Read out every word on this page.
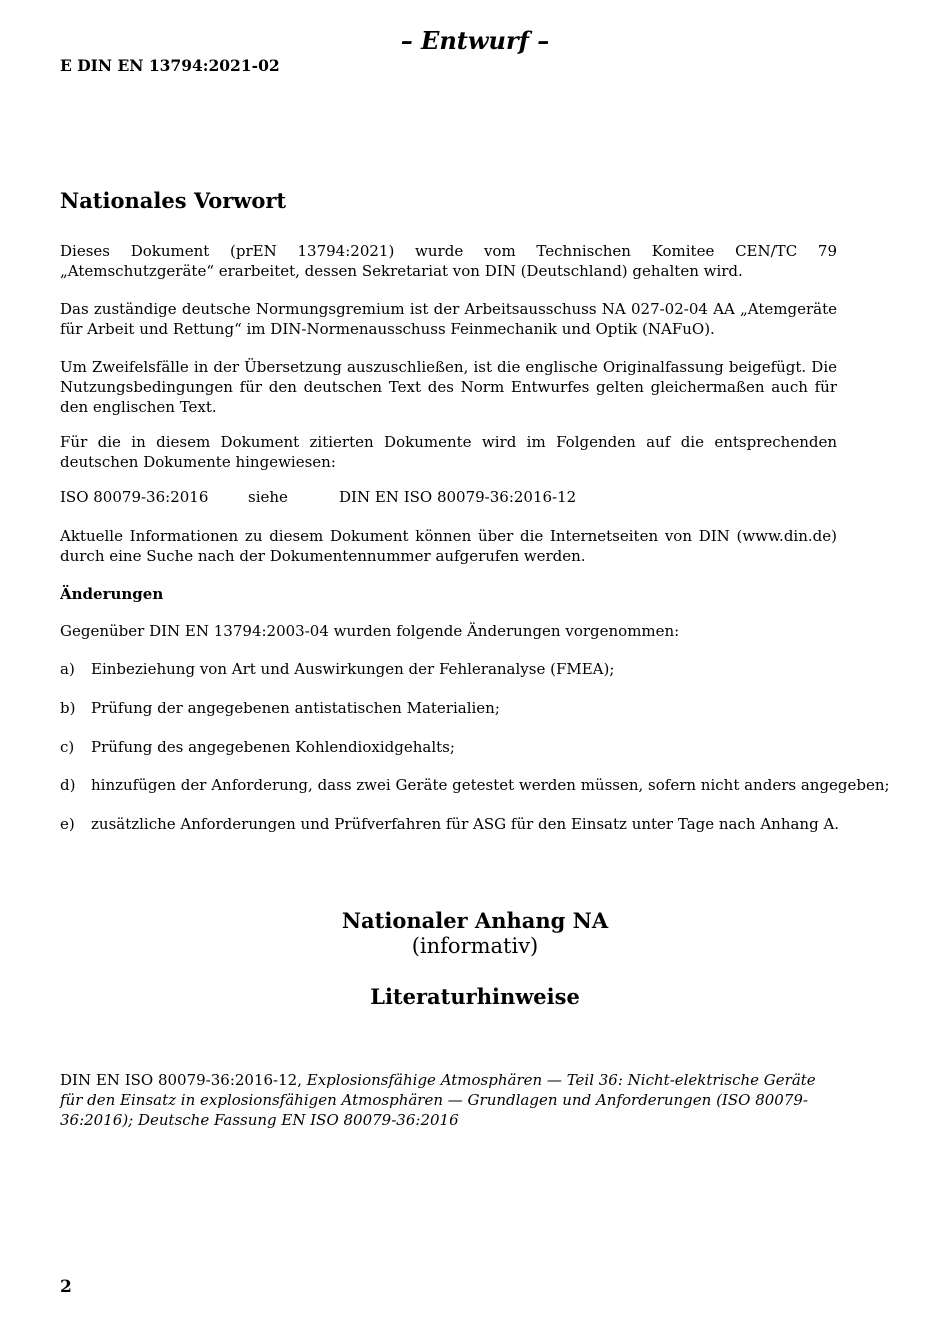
– Entwurf –
E DIN EN 13794:2021-02
Nationales Vorwort
Dieses Dokument (prEN 13794:2021) wurde vom Technischen Komitee CEN/TC 79 „Atemschutzgeräte“ erarbeitet, dessen Sekretariat von DIN (Deutschland) gehalten wird.
Das zuständige deutsche Normungsgremium ist der Arbeitsausschuss NA 027-02-04 AA „Atemgeräte für Arbeit und Rettung“ im DIN-Normenausschuss Feinmechanik und Optik (NAFuO).
Um Zweifelsfälle in der Übersetzung auszuschließen, ist die englische Originalfassung beigefügt. Die Nutzungsbedingungen für den deutschen Text des Norm Entwurfes gelten gleichermaßen auch für den englischen Text.
Für die in diesem Dokument zitierten Dokumente wird im Folgenden auf die entsprechenden deutschen Dokumente hingewiesen:
ISO 80079-36:2016	siehe	DIN EN ISO 80079-36:2016-12
Aktuelle Informationen zu diesem Dokument können über die Internetseiten von DIN (www.din.de) durch eine Suche nach der Dokumentennummer aufgerufen werden.
Änderungen
Gegenüber DIN EN 13794:2003-04 wurden folgende Änderungen vorgenommen:
a) Einbeziehung von Art und Auswirkungen der Fehleranalyse (FMEA);
b) Prüfung der angegebenen antistatischen Materialien;
c) Prüfung des angegebenen Kohlendioxidgehalts;
d) hinzufügen der Anforderung, dass zwei Geräte getestet werden müssen, sofern nicht anders angegeben;
e) zusätzliche Anforderungen und Prüfverfahren für ASG für den Einsatz unter Tage nach Anhang A.
Nationaler Anhang NA
(informativ)
Literaturhinweise
DIN EN ISO 80079-36:2016-12, Explosionsfähige Atmosphären — Teil 36: Nicht-elektrische Geräte für den Einsatz in explosionsfähigen Atmosphären — Grundlagen und Anforderungen (ISO 80079-36:2016); Deutsche Fassung EN ISO 80079-36:2016
2
